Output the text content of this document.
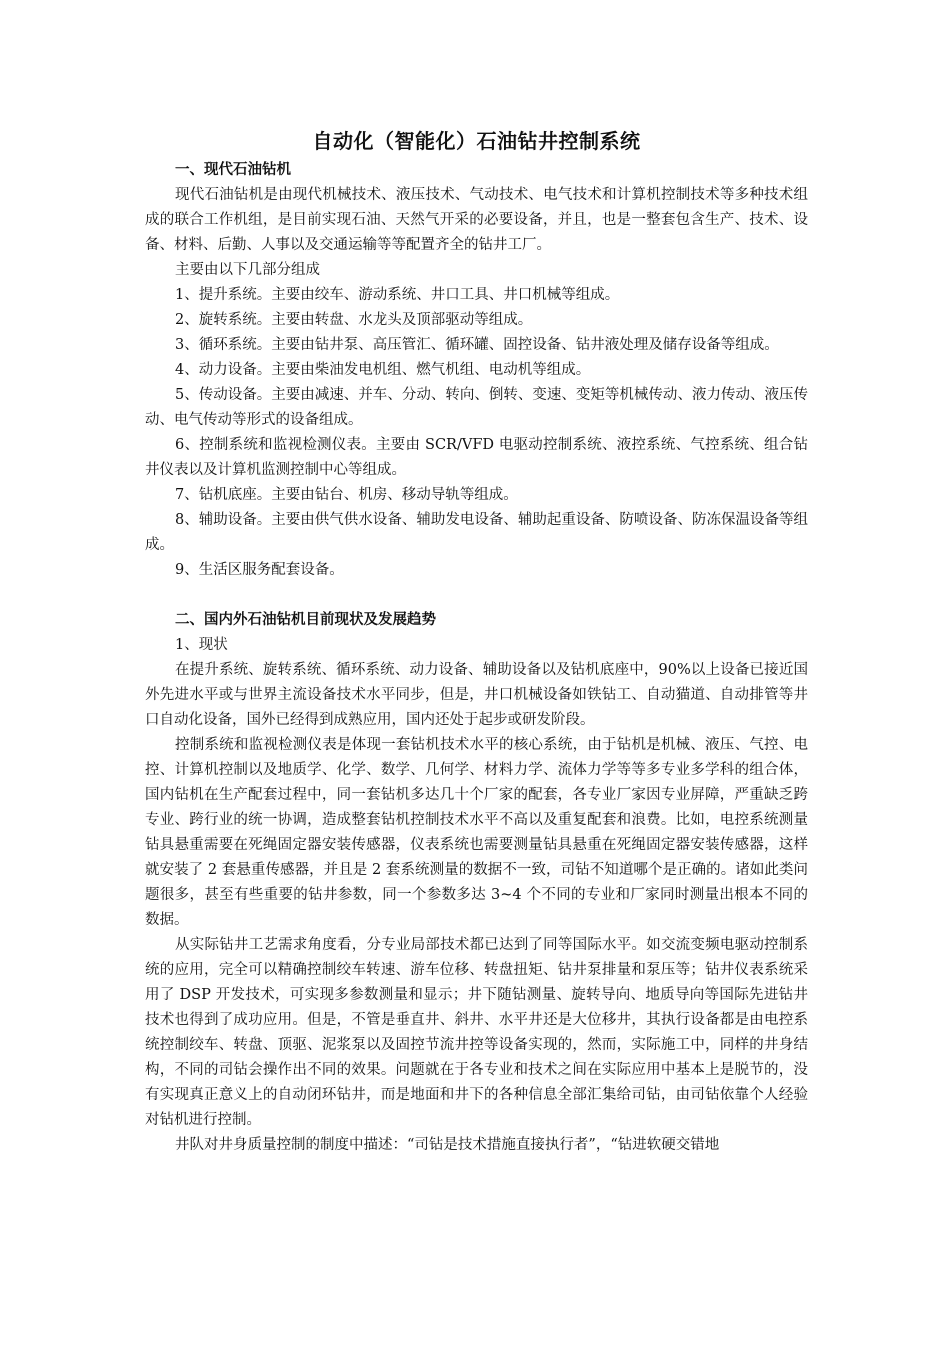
自动化（智能化）石油钻井控制系统

一、现代石油钻机

现代石油钻机是由现代机械技术、液压技术、气动技术、电气技术和计算机控制技术等多种技术组成的联合工作机组，是目前实现石油、天然气开采的必要设备，并且，也是一整套包含生产、技术、设备、材料、后勤、人事以及交通运输等等配置齐全的钻井工厂。

主要由以下几部分组成

1、提升系统。主要由绞车、游动系统、井口工具、井口机械等组成。

2、旋转系统。主要由转盘、水龙头及顶部驱动等组成。

3、循环系统。主要由钻井泵、高压管汇、循环罐、固控设备、钻井液处理及储存设备等组成。

4、动力设备。主要由柴油发电机组、燃气机组、电动机等组成。

5、传动设备。主要由减速、并车、分动、转向、倒转、变速、变矩等机械传动、液力传动、液压传动、电气传动等形式的设备组成。

6、控制系统和监视检测仪表。主要由 SCR/VFD 电驱动控制系统、液控系统、气控系统、组合钻井仪表以及计算机监测控制中心等组成。

7、钻机底座。主要由钻台、机房、移动导轨等组成。

8、辅助设备。主要由供气供水设备、辅助发电设备、辅助起重设备、防喷设备、防冻保温设备等组成。

9、生活区服务配套设备。

二、国内外石油钻机目前现状及发展趋势

1、现状

在提升系统、旋转系统、循环系统、动力设备、辅助设备以及钻机底座中，90%以上设备已接近国外先进水平或与世界主流设备技术水平同步，但是，井口机械设备如铁钻工、自动猫道、自动排管等井口自动化设备，国外已经得到成熟应用，国内还处于起步或研发阶段。

控制系统和监视检测仪表是体现一套钻机技术水平的核心系统，由于钻机是机械、液压、气控、电控、计算机控制以及地质学、化学、数学、几何学、材料力学、流体力学等等多专业多学科的组合体，国内钻机在生产配套过程中，同一套钻机多达几十个厂家的配套，各专业厂家因专业屏障，严重缺乏跨专业、跨行业的统一协调，造成整套钻机控制技术水平不高以及重复配套和浪费。比如，电控系统测量钻具悬重需要在死绳固定器安装传感器，仪表系统也需要测量钻具悬重在死绳固定器安装传感器，这样就安装了 2 套悬重传感器，并且是 2 套系统测量的数据不一致，司钻不知道哪个是正确的。诸如此类问题很多，甚至有些重要的钻井参数，同一个参数多达 3~4 个不同的专业和厂家同时测量出根本不同的数据。

从实际钻井工艺需求角度看，分专业局部技术都已达到了同等国际水平。如交流变频电驱动控制系统的应用，完全可以精确控制绞车转速、游车位移、转盘扭矩、钻井泵排量和泵压等；钻井仪表系统采用了 DSP 开发技术，可实现多参数测量和显示；井下随钻测量、旋转导向、地质导向等国际先进钻井技术也得到了成功应用。但是，不管是垂直井、斜井、水平井还是大位移井，其执行设备都是由电控系统控制绞车、转盘、顶驱、泥浆泵以及固控节流井控等设备实现的，然而，实际施工中，同样的井身结构，不同的司钻会操作出不同的效果。问题就在于各专业和技术之间在实际应用中基本上是脱节的，没有实现真正意义上的自动闭环钻井，而是地面和井下的各种信息全部汇集给司钻，由司钻依靠个人经验对钻机进行控制。

井队对井身质量控制的制度中描述：“司钻是技术措施直接执行者”，“钻进软硬交错地
